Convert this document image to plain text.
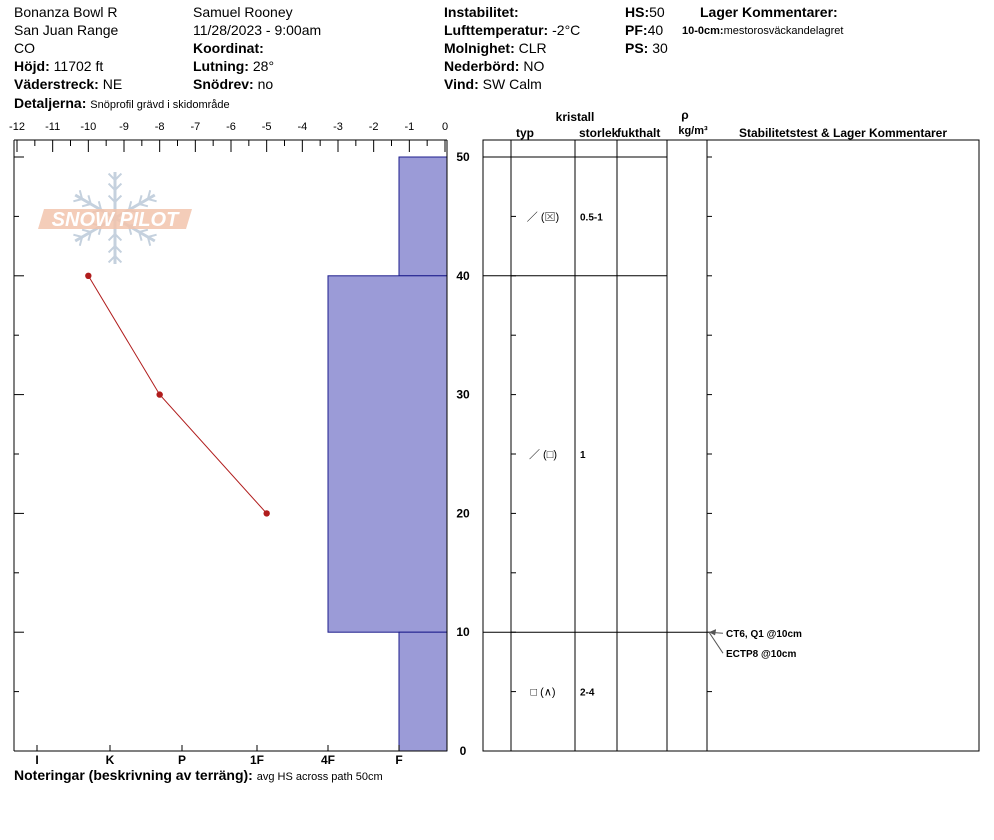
Bonanza Bowl R
San Juan Range
CO
Höjd: 11702 ft
Väderstreck: NE
Detaljerna: Snöprofil grävd i skidområde
Samuel Rooney
11/28/2023 - 9:00am
Koordinat:
Lutning: 28°
Snödrev: no
Instabilitet:
Lufttemperatur: -2°C
Molnighet: CLR
Nederbörd: NO
Vind: SW Calm
HS:50
PF:40
PS: 30
Lager Kommentarer:
10-0cm:mestorosväckandelagret
Noteringar (beskrivning av terräng): avg HS across path 50cm
SNOW PILOT
-12 -11 -10 -9 -8 -7 -6 -5 -4 -3 -2 -1	0
50
40
30
20
10
0
I	K	P	1F	4F	F
kristall
typ	storlek
fukthalt
ρ
kg/m³	Stabilitetstest & Lager Kommentarer
／ (⊠) 0.5-1
／ (□) 1
□ (∧) 2-4
CT6, Q1 @10cm
ECTP8 @10cm
